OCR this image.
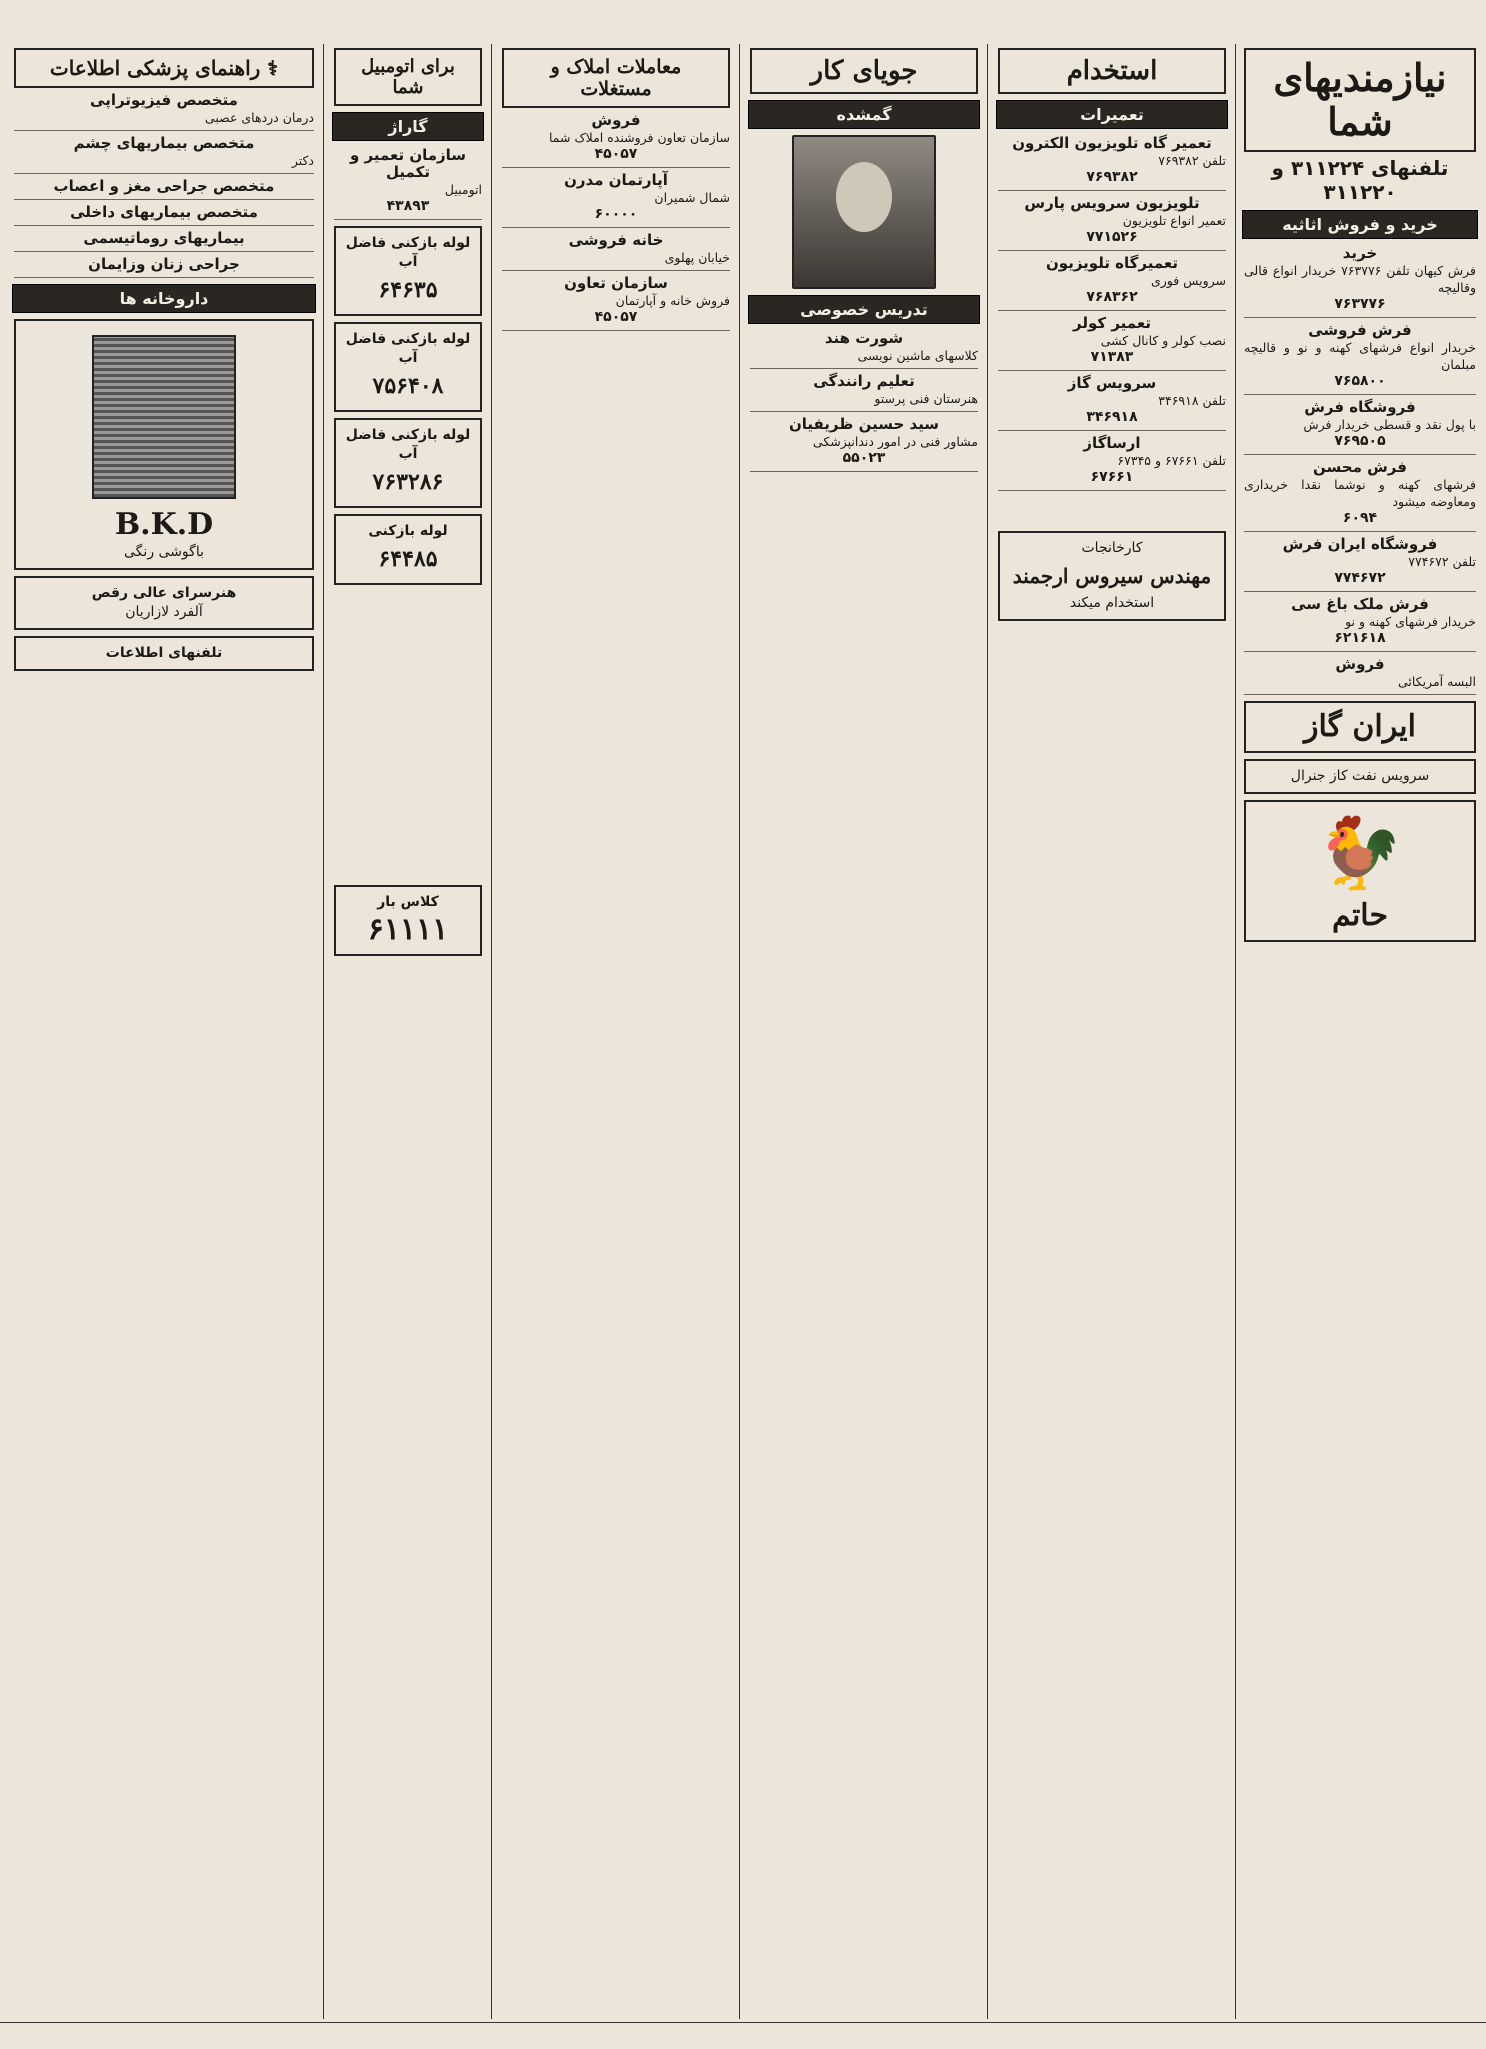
نیازمندیهای شما
تلفنهای ۳۱۱۲۲۴ و ۳۱۱۲۲۰
خرید و فروش اثاثیه
خرید
فرش کیهان تلفن ۷۶۳۷۷۶ خریدار انواع قالی وقالیچه
۷۶۳۷۷۶
فرش فروشی
خریدار انواع فرشهای کهنه و نو و قالیچه مبلمان
۷۶۵۸۰۰
فروشگاه فرش
با پول نقد و قسطی خریدار فرش
۷۶۹۵۰۵
فرش محسن
فرشهای کهنه و نوشما نقدا خریداری ومعاوضه میشود
۶۰۹۴
فروشگاه ایران فرش
تلفن ۷۷۴۶۷۲
۷۷۴۶۷۲
فرش ملک باغ سی
خریدار فرشهای کهنه و نو
۶۲۱۶۱۸
فروش
البسه آمریکائی
ایران گاز
سرویس نفت کاز جنرال
🐓
حاتم
استخدام
تعمیرات
تعمیر گاه تلویزیون الکترون
تلفن ۷۶۹۳۸۲
۷۶۹۳۸۲
تلویزیون سرویس پارس
تعمیر انواع تلویزیون
۷۷۱۵۲۶
تعمیرگاه تلویزیون
سرویس فوری
۷۶۸۳۶۲
تعمیر کولر
نصب کولر و کانال کشی
۷۱۳۸۳
سرویس گاز
تلفن ۳۴۶۹۱۸
۳۴۶۹۱۸
ارساگاز
تلفن ۶۷۶۶۱ و ۶۷۳۴۵
۶۷۶۶۱
کارخانجات
مهندس سیروس ارجمند
استخدام میکند
جویای کار
گمشده
تدریس خصوصی
شورت هند
کلاسهای ماشین نویسی
تعلیم رانندگی
هنرستان فنی پرستو
سید حسین ظریفیان
مشاور فنی در امور دندانپزشکی
۵۵۰۲۳
معاملات املاک و مستغلات
فروش
سازمان تعاون فروشنده املاک شما
۴۵۰۵۷
آپارتمان مدرن
شمال شمیران
۶۰۰۰۰
خانه فروشی
خیابان پهلوی
سازمان تعاون
فروش خانه و آپارتمان
۴۵۰۵۷
برای اتومبیل شما
گاراژ
سازمان تعمیر و تکمیل
اتومبیل
۴۳۸۹۳
لوله بازکنی فاضل آب
۶۴۶۳۵
لوله بازکنی فاضل آب
۷۵۶۴۰۸
لوله بازکنی فاضل آب
۷۶۳۲۸۶
لوله بازکنی
۶۴۴۸۵
کلاس بار
۶۱۱۱۱
⚕ راهنمای پزشکی اطلاعات
متخصص فیزیوتراپی
درمان دردهای عصبی
متخصص بیماریهای چشم
دکتر
متخصص جراحی مغز و اعصاب
متخصص بیماریهای داخلی
بیماریهای روماتیسمی
جراحی زنان وزایمان
داروخانه ها
B.K.D
باگوشی رنگی
هنرسرای عالی رقص
آلفرد لازاریان
تلفنهای اطلاعات
